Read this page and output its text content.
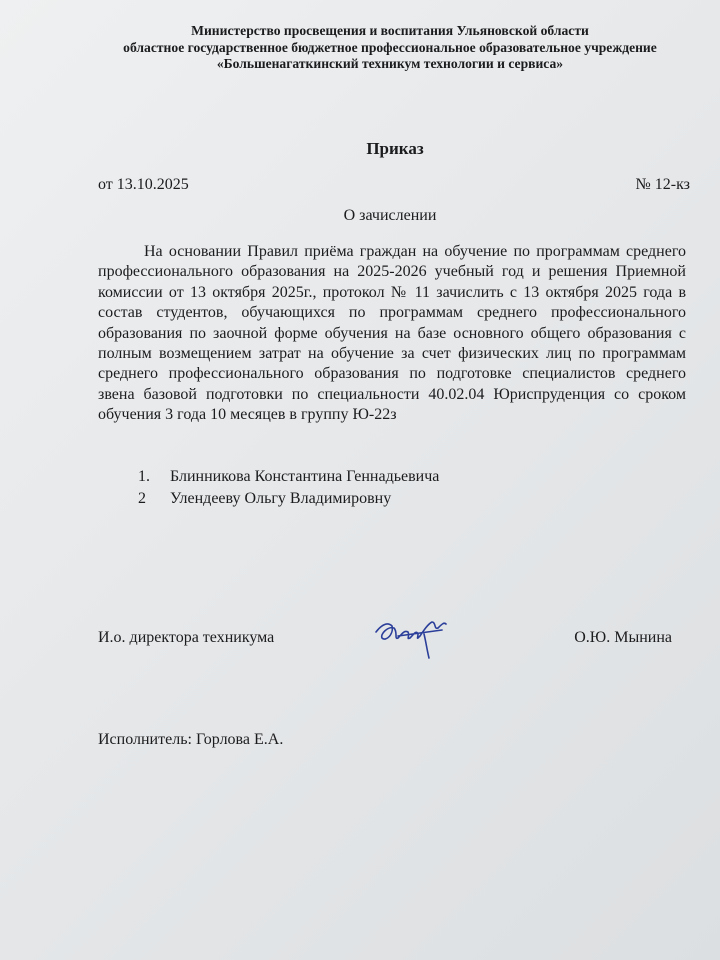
Министерство просвещения и воспитания Ульяновской области
областное государственное бюджетное профессиональное образовательное учреждение
«Большенагаткинский техникум технологии и сервиса»
Приказ
от 13.10.2025	№ 12-кз
О зачислении

На основании Правил приёма граждан на обучение по программам среднего профессионального образования на 2025-2026 учебный год и решения Приемной комиссии от 13 октября 2025г., протокол № 11 зачислить с 13 октября 2025 года в состав студентов, обучающихся по программам среднего профессионального образования по заочной форме обучения на базе основного общего образования с полным возмещением затрат на обучение за счет физических лиц по программам среднего профессионального образования по подготовке специалистов среднего звена базовой подготовки по специальности 40.02.04 Юриспруденция со сроком обучения 3 года 10 месяцев в группу Ю-22з

1. Блинникова Константина Геннадьевича
2 Улендееву Ольгу Владимировну
И.о. директора техникума	О.Ю. Мынина
Исполнитель: Горлова Е.А.
